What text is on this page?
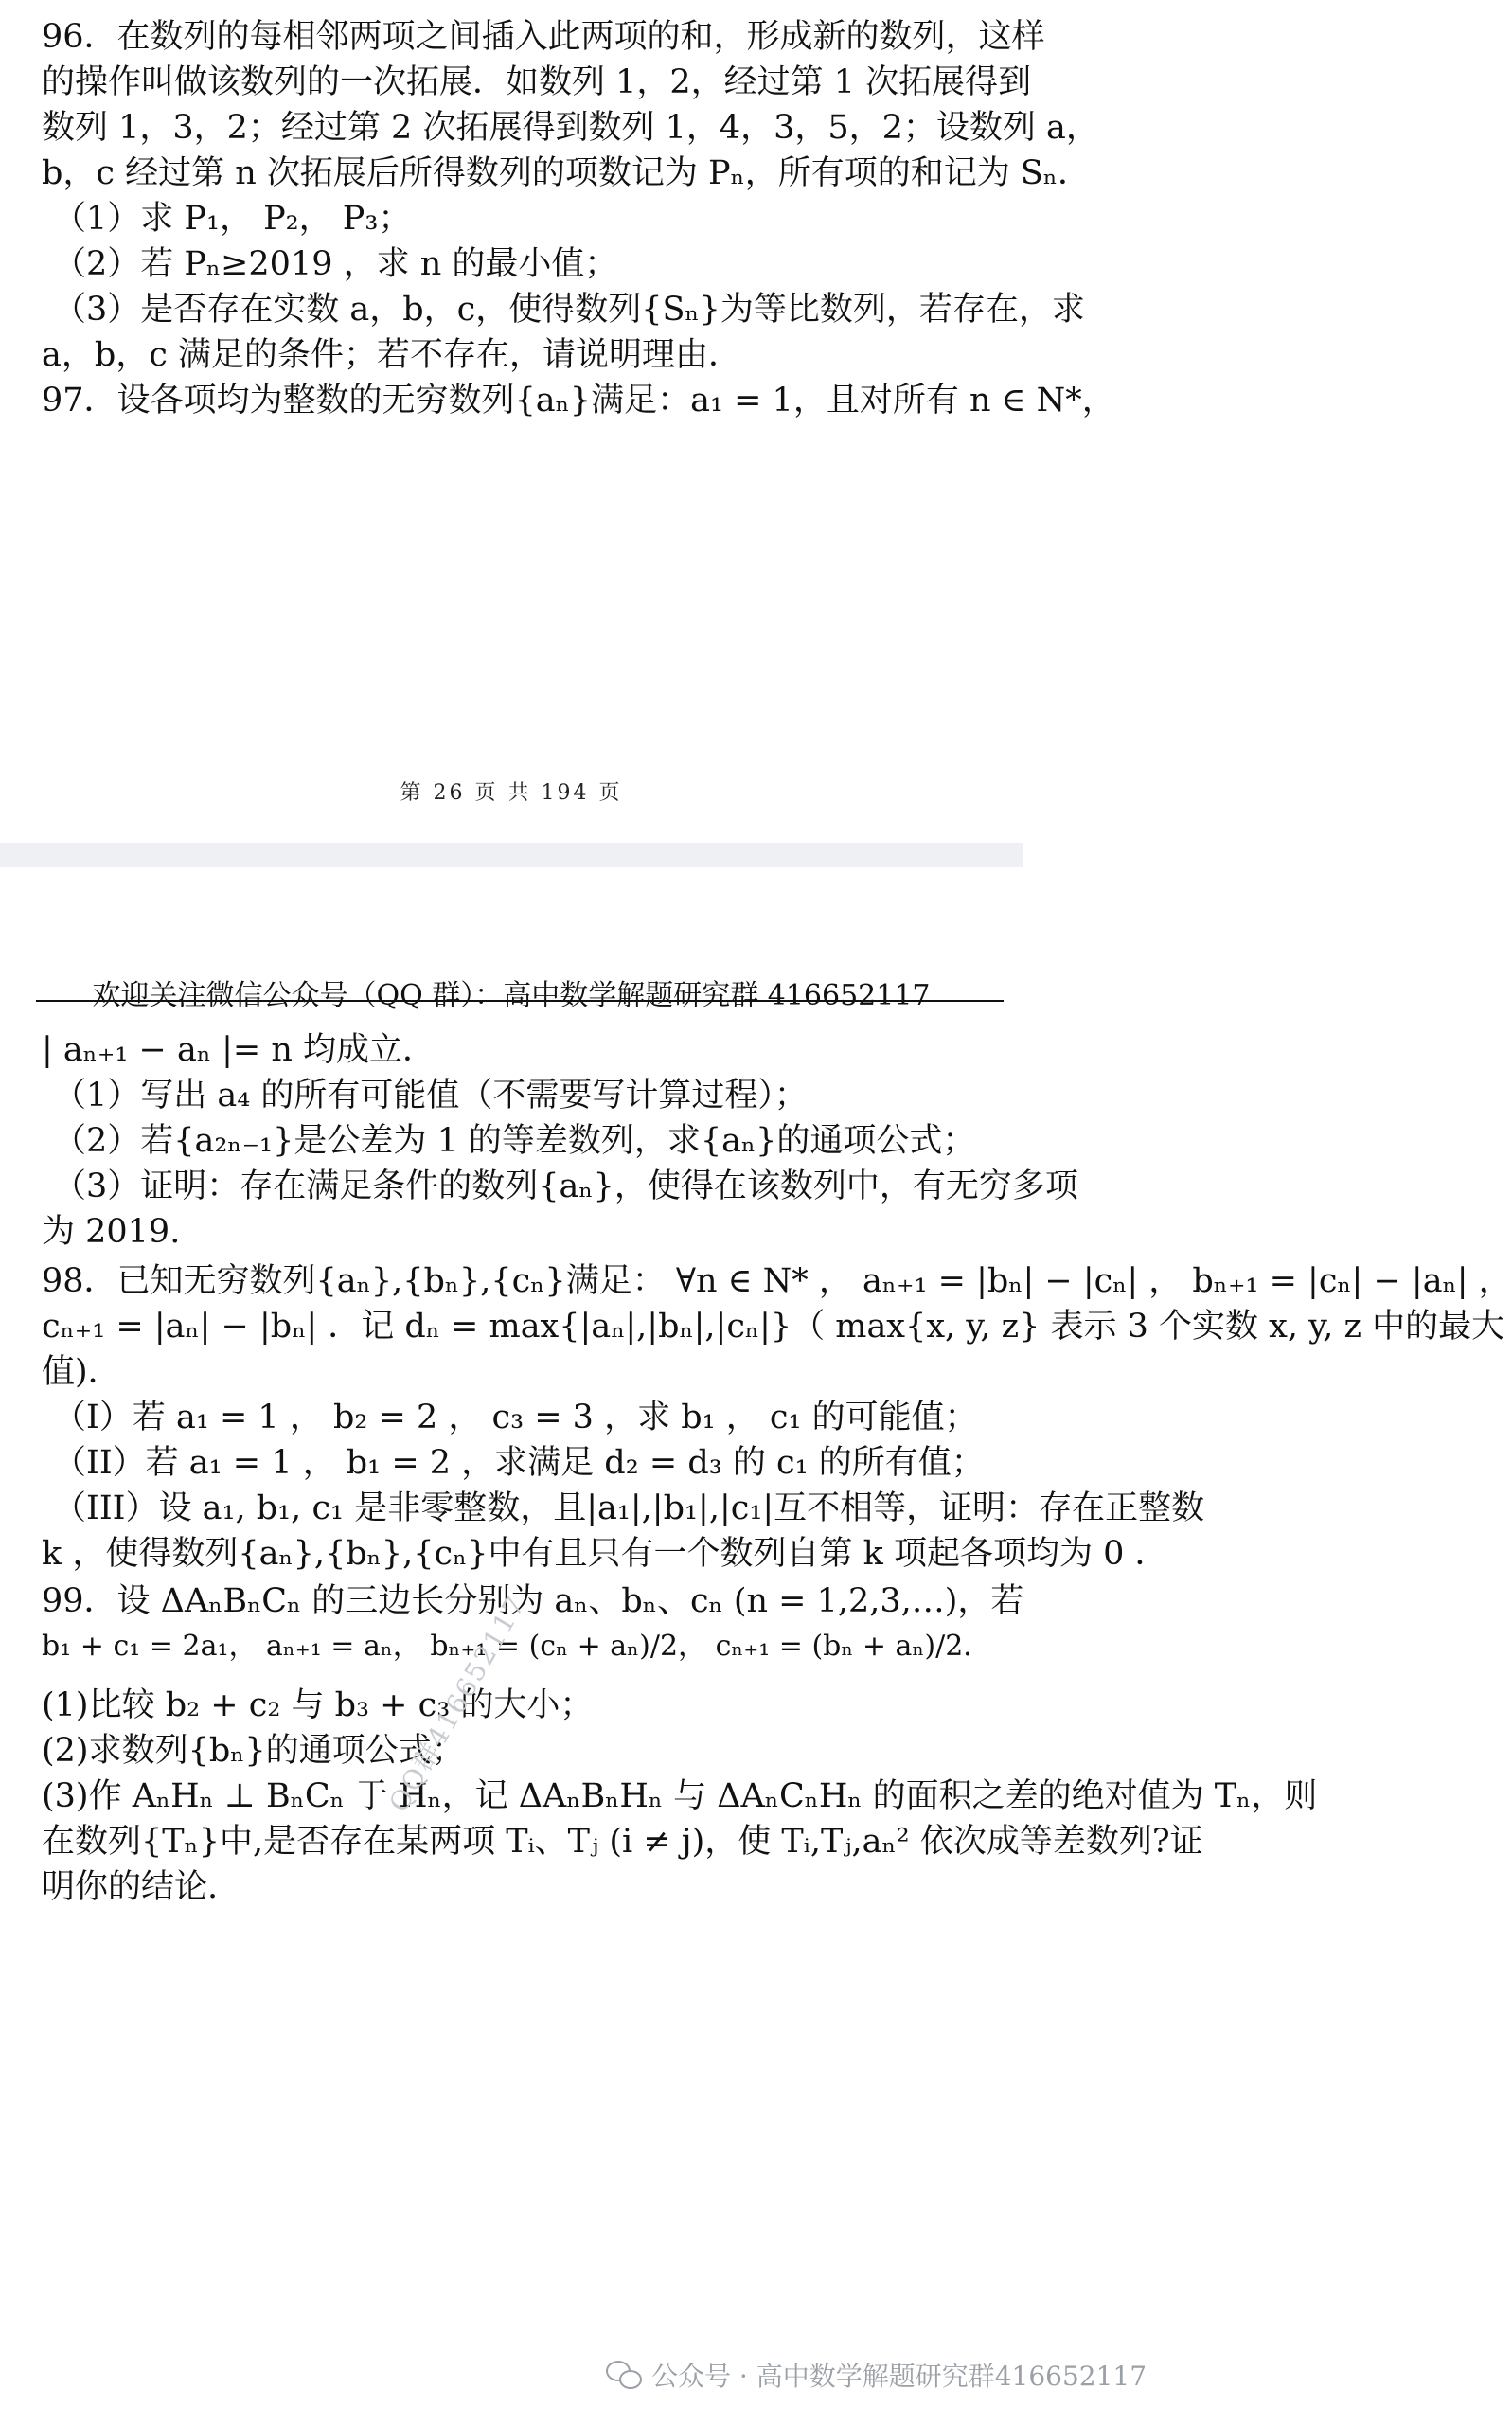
96．在数列的每相邻两项之间插入此两项的和，形成新的数列，这样
的操作叫做该数列的一次拓展．如数列 1，2，经过第 1 次拓展得到
数列 1，3，2；经过第 2 次拓展得到数列 1，4，3，5，2；设数列 a，
b，c 经过第 n 次拓展后所得数列的项数记为 Pₙ，所有项的和记为 Sₙ．
（1）求 P₁， P₂， P₃；
（2）若 Pₙ≥2019 ，求 n 的最小值；
（3）是否存在实数 a，b，c，使得数列{Sₙ}为等比数列，若存在，求
a，b，c 满足的条件；若不存在，请说明理由．
97．设各项均为整数的无穷数列{aₙ}满足：a₁ = 1，且对所有 n ∈ N*，
第 26 页 共 194 页
欢迎关注微信公众号（QQ 群）：高中数学解题研究群 416652117
| aₙ₊₁ − aₙ |= n 均成立．
（1）写出 a₄ 的所有可能值（不需要写计算过程）；
（2）若{a₂ₙ₋₁}是公差为 1 的等差数列，求{aₙ}的通项公式；
（3）证明：存在满足条件的数列{aₙ}，使得在该数列中，有无穷多项
为 2019.
98．已知无穷数列{aₙ},{bₙ},{cₙ}满足： ∀n ∈ N* ， aₙ₊₁ = |bₙ| − |cₙ| ， bₙ₊₁ = |cₙ| − |aₙ| ，
cₙ₊₁ = |aₙ| − |bₙ| ．记 dₙ = max{|aₙ|,|bₙ|,|cₙ|}（ max{x, y, z} 表示 3 个实数 x, y, z 中的最大
值)．
（I）若 a₁ = 1 ， b₂ = 2 ， c₃ = 3 ，求 b₁ ， c₁ 的可能值；
（II）若 a₁ = 1 ， b₁ = 2 ，求满足 d₂ = d₃ 的 c₁ 的所有值；
（III）设 a₁, b₁, c₁ 是非零整数，且|a₁|,|b₁|,|c₁|互不相等，证明：存在正整数
k ，使得数列{aₙ},{bₙ},{cₙ}中有且只有一个数列自第 k 项起各项均为 0 ．
99．设 ΔAₙBₙCₙ 的三边长分别为 aₙ、bₙ、cₙ (n = 1,2,3,…)，若
b₁ + c₁ = 2a₁， aₙ₊₁ = aₙ， bₙ₊₁ = (cₙ + aₙ)/2， cₙ₊₁ = (bₙ + aₙ)/2．
(1)比较 b₂ + c₂ 与 b₃ + c₃ 的大小；
(2)求数列{bₙ}的通项公式；
(3)作 AₙHₙ ⊥ BₙCₙ 于 Hₙ，记 ΔAₙBₙHₙ 与 ΔAₙCₙHₙ 的面积之差的绝对值为 Tₙ，则
在数列{Tₙ}中,是否存在某两项 Tᵢ、Tⱼ (i ≠ j)，使 Tᵢ,Tⱼ,aₙ² 依次成等差数列?证
明你的结论.
QQ群416652117
公众号 · 高中数学解题研究群416652117
